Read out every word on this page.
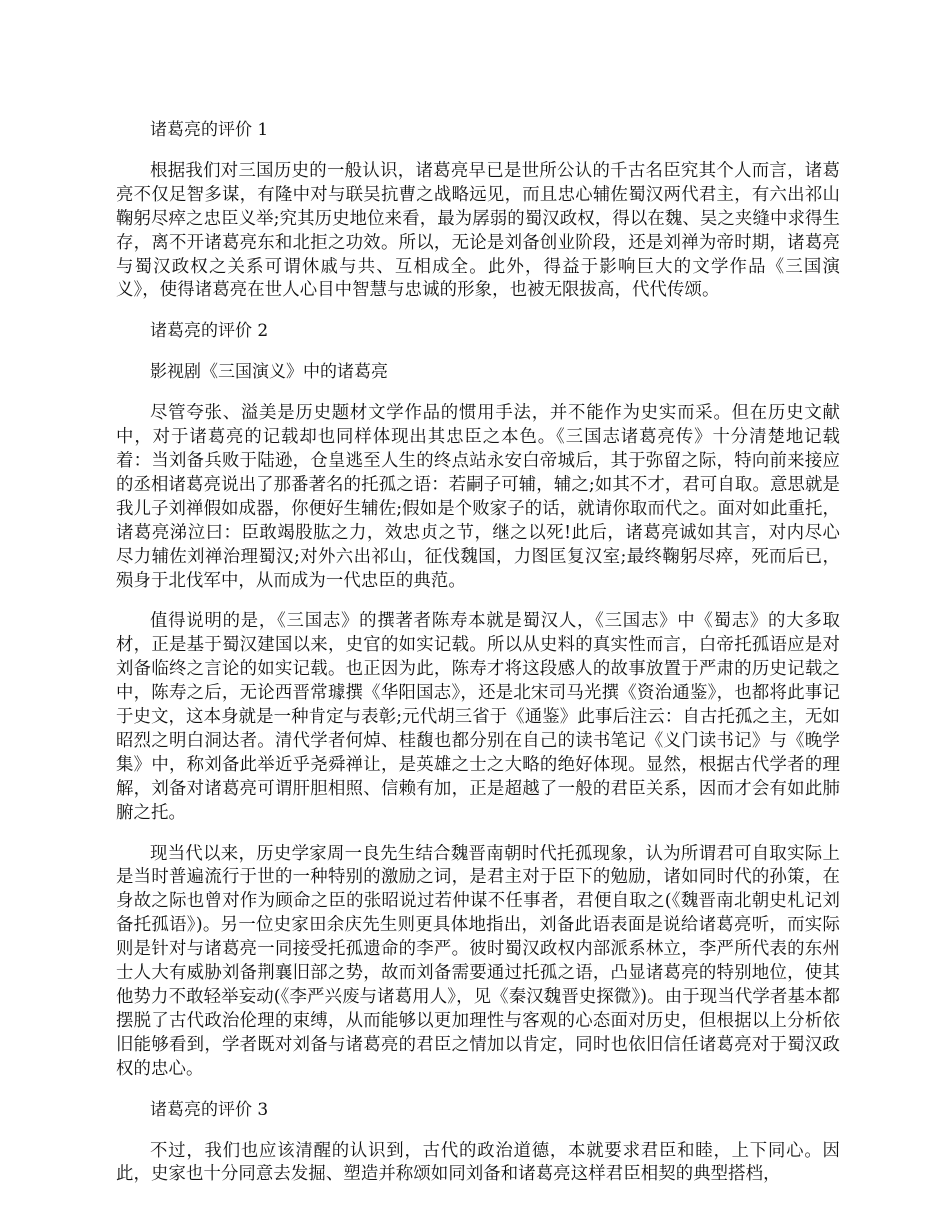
诸葛亮的评价 1

根据我们对三国历史的一般认识，诸葛亮早已是世所公认的千古名臣究其个人而言，诸葛亮不仅足智多谋，有隆中对与联吴抗曹之战略远见，而且忠心辅佐蜀汉两代君主，有六出祁山鞠躬尽瘁之忠臣义举;究其历史地位来看，最为孱弱的蜀汉政权，得以在魏、吴之夹缝中求得生存，离不开诸葛亮东和北拒之功效。所以，无论是刘备创业阶段，还是刘禅为帝时期，诸葛亮与蜀汉政权之关系可谓休戚与共、互相成全。此外，得益于影响巨大的文学作品《三国演义》，使得诸葛亮在世人心目中智慧与忠诚的形象，也被无限拔高，代代传颂。

诸葛亮的评价 2

影视剧《三国演义》中的诸葛亮

尽管夸张、溢美是历史题材文学作品的惯用手法，并不能作为史实而采。但在历史文献中，对于诸葛亮的记载却也同样体现出其忠臣之本色。《三国志诸葛亮传》十分清楚地记载着：当刘备兵败于陆逊，仓皇逃至人生的终点站永安白帝城后，其于弥留之际，特向前来接应的丞相诸葛亮说出了那番著名的托孤之语：若嗣子可辅，辅之;如其不才，君可自取。意思就是我儿子刘禅假如成器，你便好生辅佐;假如是个败家子的话，就请你取而代之。面对如此重托，诸葛亮涕泣曰：臣敢竭股肱之力，效忠贞之节，继之以死!此后，诸葛亮诚如其言，对内尽心尽力辅佐刘禅治理蜀汉;对外六出祁山，征伐魏国，力图匡复汉室;最终鞠躬尽瘁，死而后已，殒身于北伐军中，从而成为一代忠臣的典范。

值得说明的是，《三国志》的撰著者陈寿本就是蜀汉人，《三国志》中《蜀志》的大多取材，正是基于蜀汉建国以来，史官的如实记载。所以从史料的真实性而言，白帝托孤语应是对刘备临终之言论的如实记载。也正因为此，陈寿才将这段感人的故事放置于严肃的历史记载之中，陈寿之后，无论西晋常璩撰《华阳国志》，还是北宋司马光撰《资治通鉴》，也都将此事记于史文，这本身就是一种肯定与表彰;元代胡三省于《通鉴》此事后注云：自古托孤之主，无如昭烈之明白洞达者。清代学者何焯、桂馥也都分别在自己的读书笔记《义门读书记》与《晚学集》中，称刘备此举近乎尧舜禅让，是英雄之士之大略的绝好体现。显然，根据古代学者的理解，刘备对诸葛亮可谓肝胆相照、信赖有加，正是超越了一般的君臣关系，因而才会有如此肺腑之托。

现当代以来，历史学家周一良先生结合魏晋南朝时代托孤现象，认为所谓君可自取实际上是当时普遍流行于世的一种特别的激励之词，是君主对于臣下的勉励，诸如同时代的孙策，在身故之际也曾对作为顾命之臣的张昭说过若仲谋不任事者，君便自取之(《魏晋南北朝史札记刘备托孤语》)。另一位史家田余庆先生则更具体地指出，刘备此语表面是说给诸葛亮听，而实际则是针对与诸葛亮一同接受托孤遗命的李严。彼时蜀汉政权内部派系林立，李严所代表的东州士人大有威胁刘备荆襄旧部之势，故而刘备需要通过托孤之语，凸显诸葛亮的特别地位，使其他势力不敢轻举妄动(《李严兴废与诸葛用人》，见《秦汉魏晋史探微》)。由于现当代学者基本都摆脱了古代政治伦理的束缚，从而能够以更加理性与客观的心态面对历史，但根据以上分析依旧能够看到，学者既对刘备与诸葛亮的君臣之情加以肯定，同时也依旧信任诸葛亮对于蜀汉政权的忠心。

诸葛亮的评价 3

不过，我们也应该清醒的认识到，古代的政治道德，本就要求君臣和睦，上下同心。因此，史家也十分同意去发掘、塑造并称颂如同刘备和诸葛亮这样君臣相契的典型搭档，
